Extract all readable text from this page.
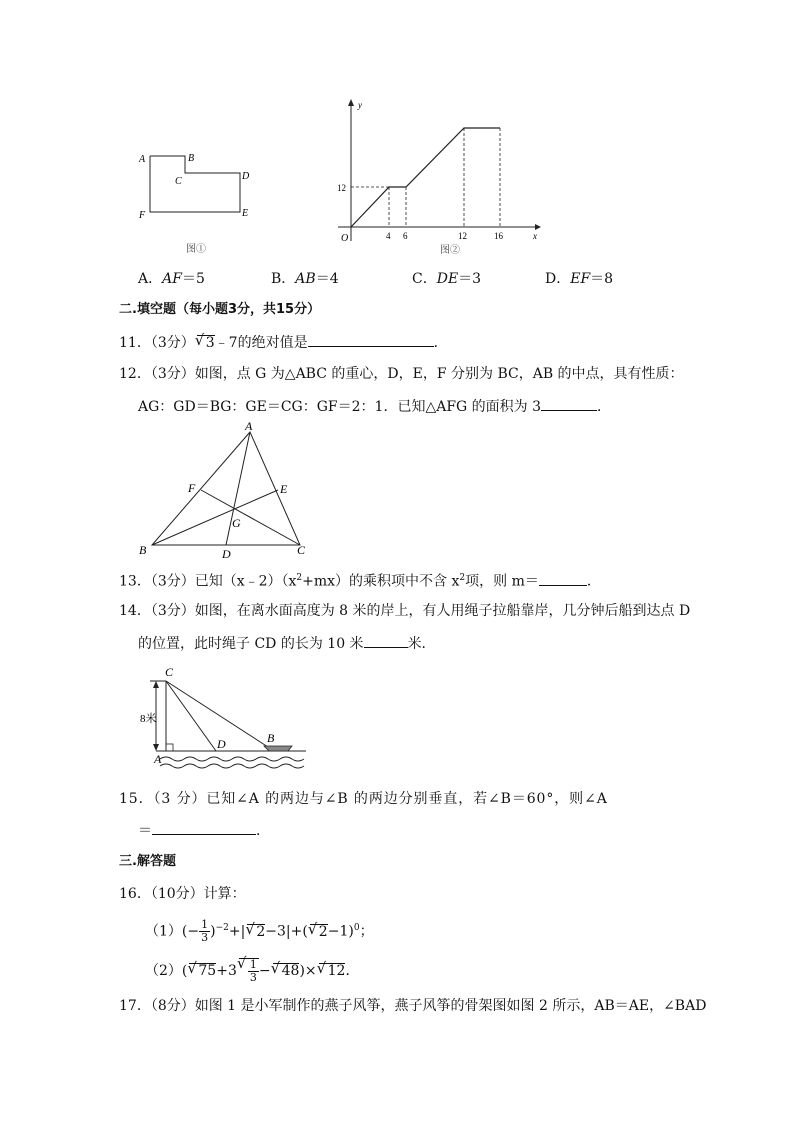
A	B
C	D
E
F
图①
y
x
O
12
4 6	12	16
图②
A．AF＝5	B．AB＝4	C．DE＝3	D．EF＝8
二.填空题（每小题3分，共15分）
11．（3分）√ 3﹣7的绝对值是	．
12．（3分）如图，点 G 为△ABC 的重心，D，E，F 分别为 BC，AB 的中点，具有性质：
AG：GD＝BG：GE＝CG：GF＝2：1．已知△AFG 的面积为 3	．
A
B	C
D
E
F
G
13．（3分）已知$(x﹣2)(x^2+mx)$的乘积项中不含 $x^2$项，则 m＝	．
14．（3分）如图，在离水面高度为 8 米的岸上，有人用绳子拉船靠岸，几分钟后船到达点 D
的位置，此时绳子 CD 的长为 10 米	米．
8米
C
A
D	B
15．（3 分）已知∠A 的两边与∠B 的两边分别垂直，若∠B＝60°，则∠A
＝	．
三.解答题
16．（10分）计算：
$(1)(- \frac{1}{3} )^{-2}+|√$ 2−3|+(√ 2−1)$^0$；
（2）(√ 75+3
√ $\frac{1}{3}$ −√ 48)×√ 12．
17．（8分）如图 1 是小军制作的燕子风筝，燕子风筝的骨架图如图 2 所示，AB＝AE，∠BAD
